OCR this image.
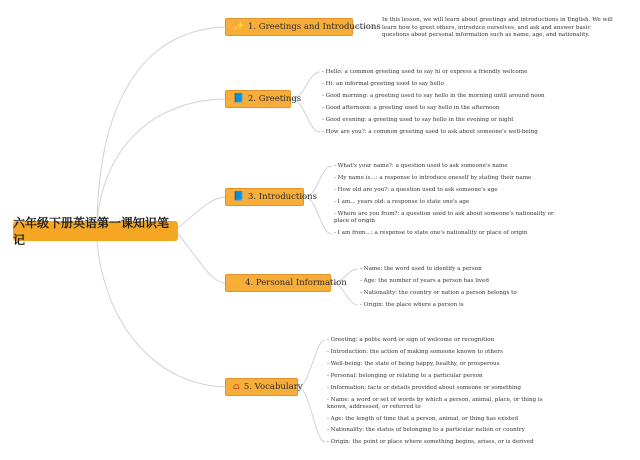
六年级下册英语第一课知识笔记
✨ 1. Greetings and Introductions

In this lesson, we will learn about greetings and introductions in English. We will learn how to greet others, introduce ourselves, and ask and answer basic questions about personal information such as name, age, and nationality.

📘 2. Greetings
- Hello: a common greeting used to say hi or express a friendly welcome
- Hi: an informal greeting used to say hello
- Good morning: a greeting used to say hello in the morning until around noon
- Good afternoon: a greeting used to say hello in the afternoon
- Good evening: a greeting used to say hello in the evening or night
- How are you?: a common greeting used to ask about someone's well-being
📘 3. Introductions
- What's your name?: a question used to ask someone's name
- My name is...: a response to introduce oneself by stating their name
- How old are you?: a question used to ask someone's age
- I am... years old: a response to state one's age
- Where are you from?: a question used to ask about someone's nationality or place of origin
- I am from...: a response to state one's nationality or place of origin
☀ 4. Personal Information
- Name: the word used to identify a person
- Age: the number of years a person has lived
- Nationality: the country or nation a person belongs to
- Origin: the place where a person is
⌂ 5. Vocabulary
- Greeting: a polite word or sign of welcome or recognition
- Introduction: the action of making someone known to others
- Well-being: the state of being happy, healthy, or prosperous
- Personal: belonging or relating to a particular person
- Information: facts or details provided about someone or something
- Name: a word or set of words by which a person, animal, place, or thing is known, addressed, or referred to
- Age: the length of time that a person, animal, or thing has existed
- Nationality: the status of belonging to a particular nation or country
- Origin: the point or place where something begins, arises, or is derived
